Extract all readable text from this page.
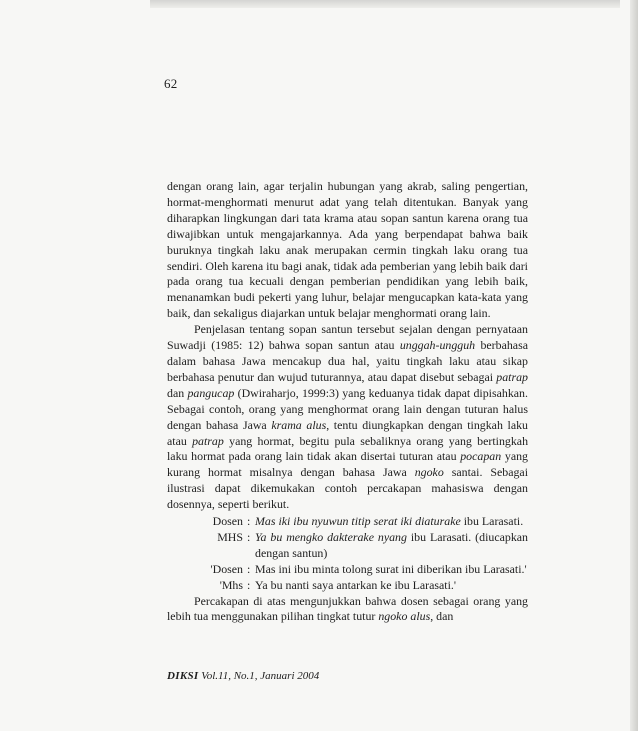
62

dengan orang lain, agar terjalin hubungan yang akrab, saling pengertian, hormat-menghormati menurut adat yang telah ditentukan. Banyak yang diharapkan lingkungan dari tata krama atau sopan santun karena orang tua diwajibkan untuk mengajarkannya. Ada yang berpendapat bahwa baik buruknya tingkah laku anak merupakan cermin tingkah laku orang tua sendiri. Oleh karena itu bagi anak, tidak ada pemberian yang lebih baik dari pada orang tua kecuali dengan pemberian pendidikan yang lebih baik, menanamkan budi pekerti yang luhur, belajar mengucapkan kata-kata yang baik, dan sekaligus diajarkan untuk belajar menghormati orang lain.

Penjelasan tentang sopan santun tersebut sejalan dengan pernyataan Suwadji (1985: 12) bahwa sopan santun atau unggah-ungguh berbahasa dalam bahasa Jawa mencakup dua hal, yaitu tingkah laku atau sikap berbahasa penutur dan wujud tuturannya, atau dapat disebut sebagai patrap dan pangucap (Dwiraharjo, 1999:3) yang keduanya tidak dapat dipisahkan. Sebagai contoh, orang yang menghormat orang lain dengan tuturan halus dengan bahasa Jawa krama alus, tentu diungkapkan dengan tingkah laku atau patrap yang hormat, begitu pula sebaliknya orang yang bertingkah laku hormat pada orang lain tidak akan disertai tuturan atau pocapan yang kurang hormat misalnya dengan bahasa Jawa ngoko santai. Sebagai ilustrasi dapat dikemukakan contoh percakapan mahasiswa dengan dosennya, seperti berikut.

Dosen : Mas iki ibu nyuwun titip serat iki diaturake ibu Larasati.
MHS : Ya bu mengko dakterake nyang ibu Larasati. (diucapkan dengan santun)
'Dosen : Mas ini ibu minta tolong surat ini diberikan ibu Larasati.'
'Mhs : Ya bu nanti saya antarkan ke ibu Larasati.'

Percakapan di atas mengunjukkan bahwa dosen sebagai orang yang lebih tua menggunakan pilihan tingkat tutur ngoko alus, dan

DIKSI Vol.11, No.1, Januari 2004
